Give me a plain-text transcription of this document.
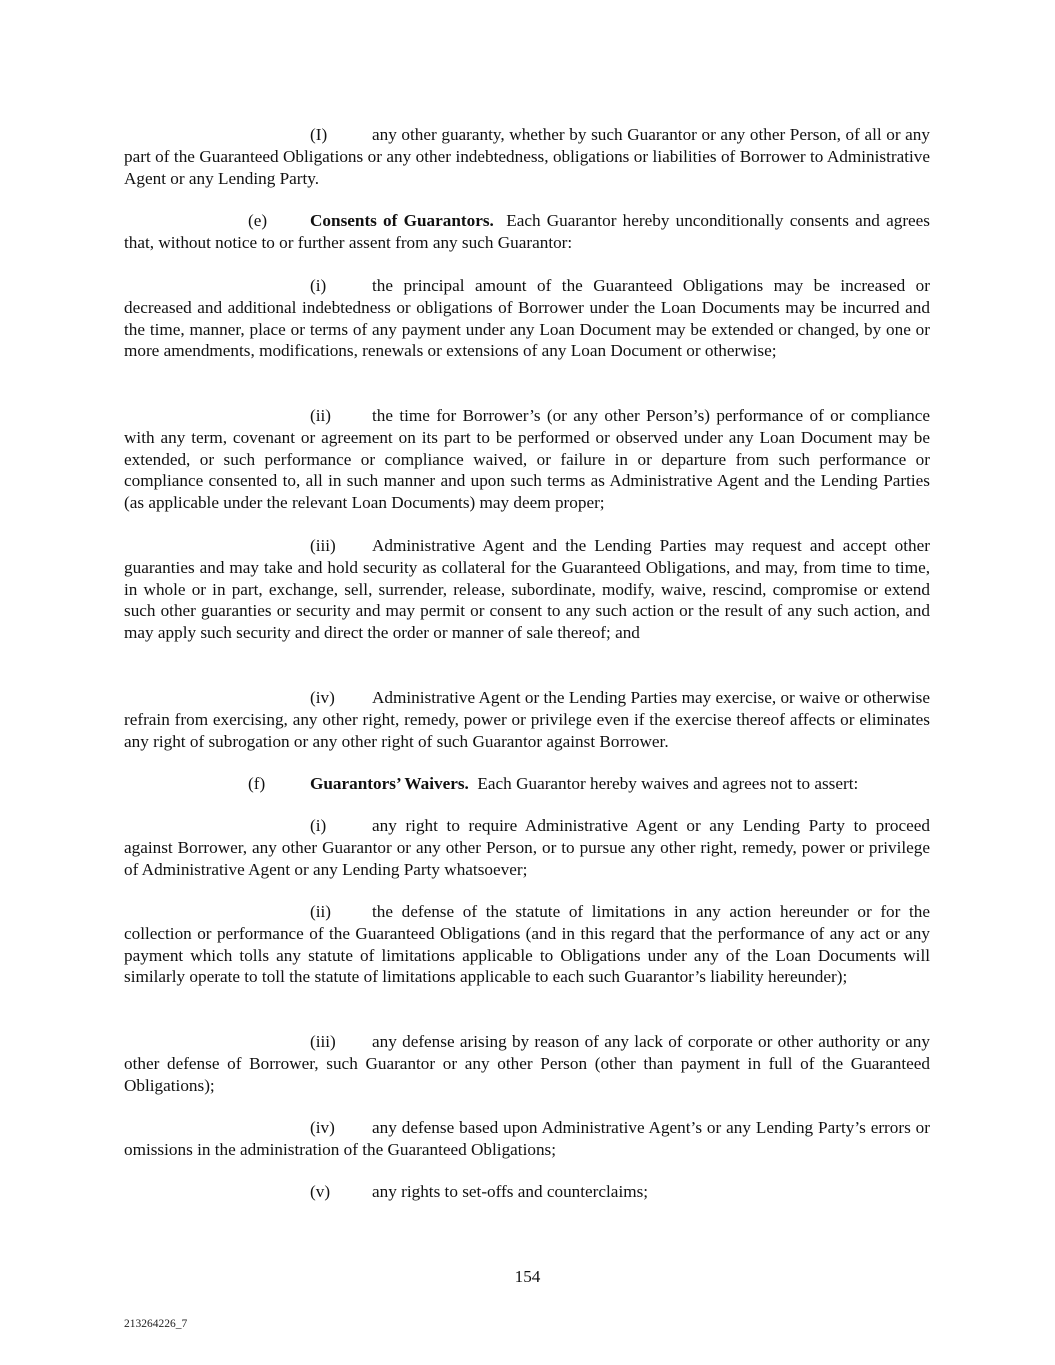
(I)	any other guaranty, whether by such Guarantor or any other Person, of all or any part of the Guaranteed Obligations or any other indebtedness, obligations or liabilities of Borrower to Administrative Agent or any Lending Party.

(e) Consents of Guarantors. Each Guarantor hereby unconditionally consents and agrees that, without notice to or further assent from any such Guarantor:

(i)	the principal amount of the Guaranteed Obligations may be increased or decreased and additional indebtedness or obligations of Borrower under the Loan Documents may be incurred and the time, manner, place or terms of any payment under any Loan Document may be extended or changed, by one or more amendments, modifications, renewals or extensions of any Loan Document or otherwise;

(ii) the time for Borrower’s (or any other Person’s) performance of or compliance with any term, covenant or agreement on its part to be performed or observed under any Loan Document may be extended, or such performance or compliance waived, or failure in or departure from such performance or compliance consented to, all in such manner and upon such terms as Administrative Agent and the Lending Parties (as applicable under the relevant Loan Documents) may deem proper;

(iii) Administrative Agent and the Lending Parties may request and accept other guaranties and may take and hold security as collateral for the Guaranteed Obligations, and may, from time to time, in whole or in part, exchange, sell, surrender, release, subordinate, modify, waive, rescind, compromise or extend such other guaranties or security and may permit or consent to any such action or the result of any such action, and may apply such security and direct the order or manner of sale thereof; and

(iv) Administrative Agent or the Lending Parties may exercise, or waive or otherwise refrain from exercising, any other right, remedy, power or privilege even if the exercise thereof affects or eliminates any right of subrogation or any other right of such Guarantor against Borrower.

(f)	Guarantors’ Waivers. Each Guarantor hereby waives and agrees not to assert:

(i)	any right to require Administrative Agent or any Lending Party to proceed against Borrower, any other Guarantor or any other Person, or to pursue any other right, remedy, power or privilege of Administrative Agent or any Lending Party whatsoever;

(ii) the defense of the statute of limitations in any action hereunder or for the collection or performance of the Guaranteed Obligations (and in this regard that the performance of any act or any payment which tolls any statute of limitations applicable to Obligations under any of the Loan Documents will similarly operate to toll the statute of limitations applicable to each such Guarantor’s liability hereunder);

(iii) any defense arising by reason of any lack of corporate or other authority or any other defense of Borrower, such Guarantor or any other Person (other than payment in full of the Guaranteed Obligations);

(iv) any defense based upon Administrative Agent’s or any Lending Party’s errors or omissions in the administration of the Guaranteed Obligations;

(v) any rights to set-offs and counterclaims;

154
213264226_7
